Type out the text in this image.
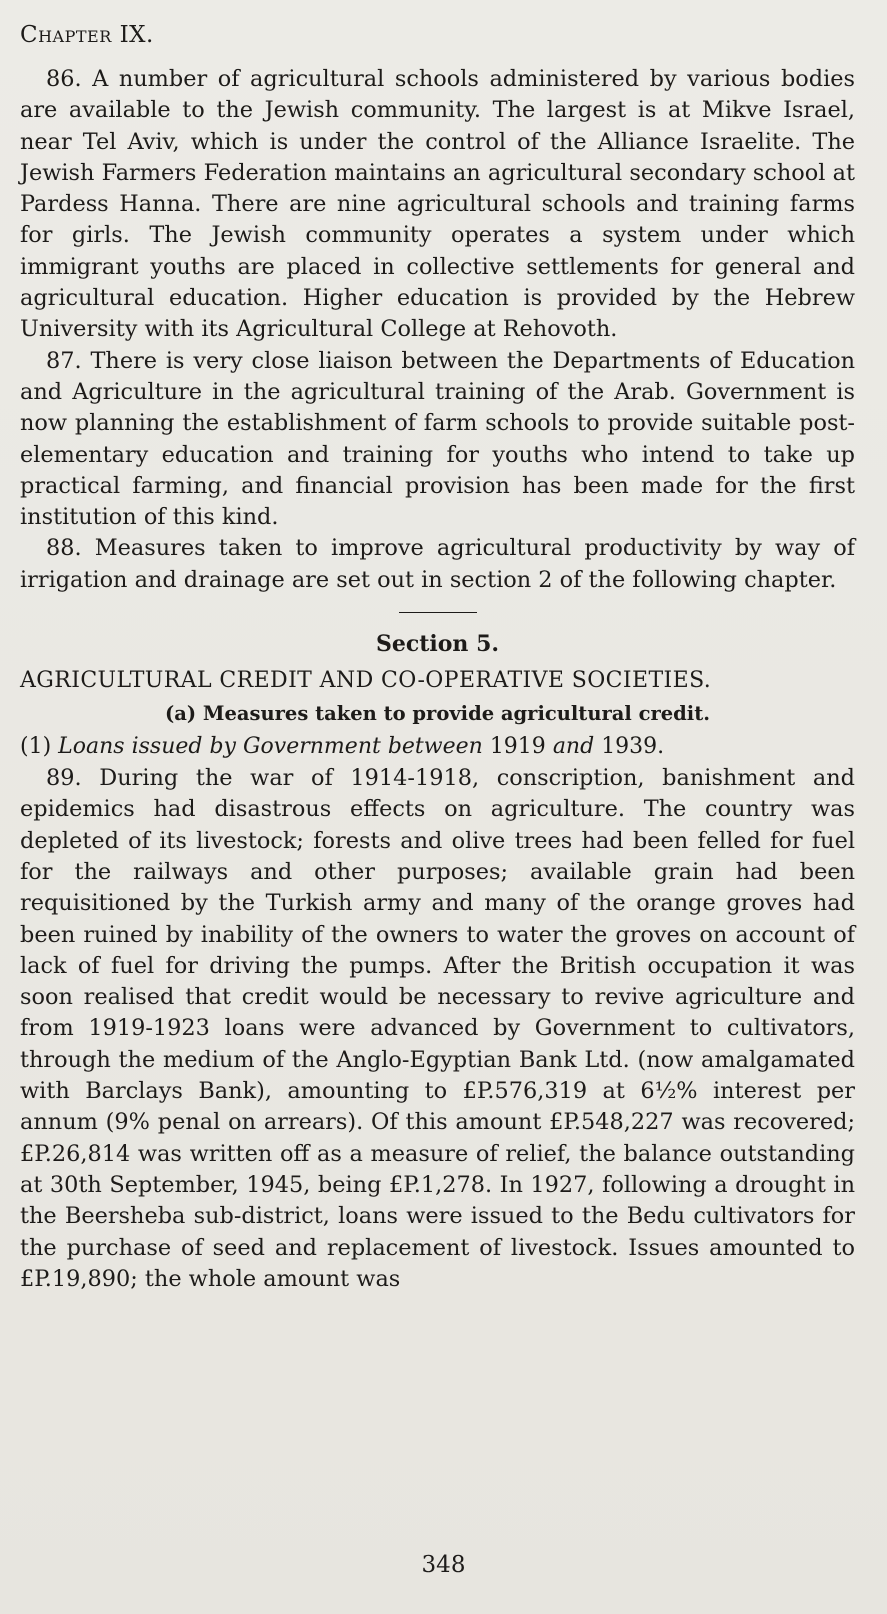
Chapter IX.

86. A number of agricultural schools administered by various bodies are available to the Jewish community. The largest is at Mikve Israel, near Tel Aviv, which is under the control of the Alliance Israelite. The Jewish Farmers Federation maintains an agricultural secondary school at Pardess Hanna. There are nine agricultural schools and training farms for girls. The Jewish community operates a system under which immigrant youths are placed in collective settlements for general and agricultural education. Higher education is provided by the Hebrew University with its Agricultural College at Rehovoth.

87. There is very close liaison between the Departments of Education and Agriculture in the agricultural training of the Arab. Government is now planning the establishment of farm schools to provide suitable post-elementary education and training for youths who intend to take up practical farming, and financial provision has been made for the first institution of this kind.

88. Measures taken to improve agricultural productivity by way of irrigation and drainage are set out in section 2 of the following chapter.

Section 5.
AGRICULTURAL CREDIT AND CO-OPERATIVE SOCIETIES.
(a) Measures taken to provide agricultural credit.
(1) Loans issued by Government between 1919 and 1939.

89. During the war of 1914-1918, conscription, banishment and epidemics had disastrous effects on agriculture. The country was depleted of its livestock; forests and olive trees had been felled for fuel for the railways and other purposes; available grain had been requisitioned by the Turkish army and many of the orange groves had been ruined by inability of the owners to water the groves on account of lack of fuel for driving the pumps. After the British occupation it was soon realised that credit would be necessary to revive agriculture and from 1919-1923 loans were advanced by Government to cultivators, through the medium of the Anglo-Egyptian Bank Ltd. (now amalgamated with Barclays Bank), amounting to £P.576,319 at 6½% interest per annum (9% penal on arrears). Of this amount £P.548,227 was recovered; £P.26,814 was written off as a measure of relief, the balance outstanding at 30th September, 1945, being £P.1,278. In 1927, following a drought in the Beersheba sub-district, loans were issued to the Bedu cultivators for the purchase of seed and replacement of livestock. Issues amounted to £P.19,890; the whole amount was

348
